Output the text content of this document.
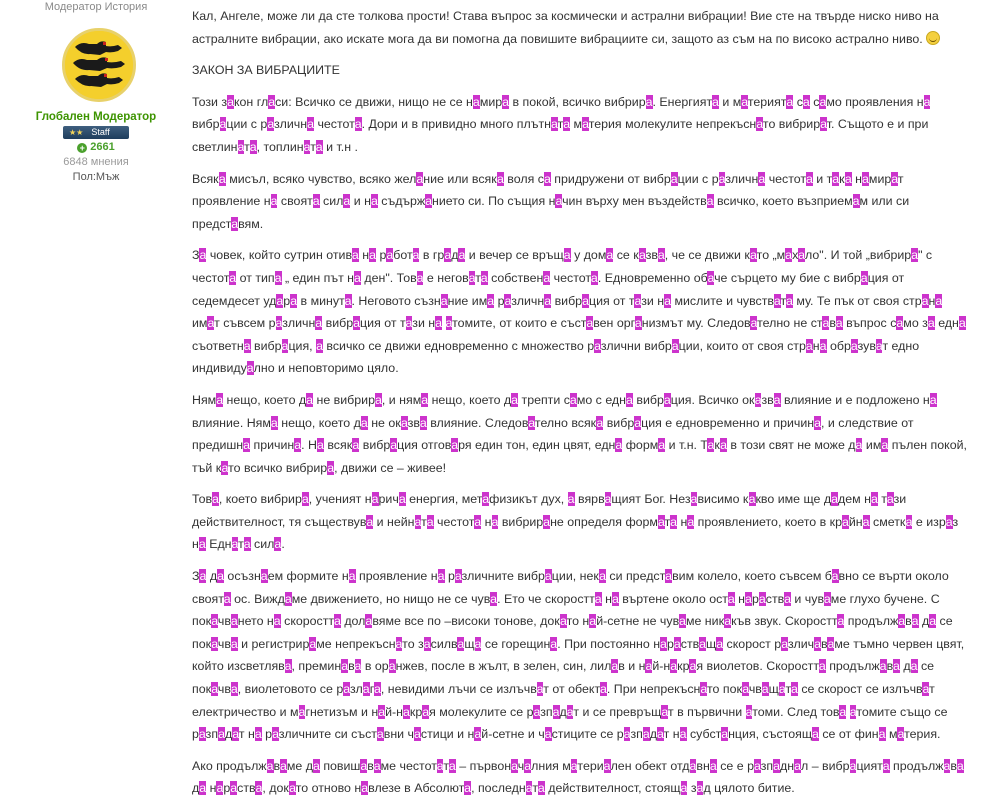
Модератор История
Глобален Модератор
★★ Staff
+ 2661
6848 мнения
Пол:Мъж

Кал, Ангеле, може ли да сте толкова прости! Става въпрос за космически и астрални вибрации! Вие сте на твърде ниско ниво на астралните вибрации, ако искате мога да ви помогна да повишите вибрациите си, защото аз съм на по високо астрално ниво.

ЗАКОН ЗА ВИБРАЦИИТЕ

Този закон гласи: Всичко се движи, нищо не се намира в покой, всичко вибрира. Енергията и материята са само проявления на вибрации с различна честота. Дори и в привидно много плътната материя молекулите непрекъснато вибрират. Същото е и при светлината, топлината и т.н .

Всяка мисъл, всяко чувство, всяко желание или всяка воля са придружени от вибрации с различна честота и така намират проявление на своята сила и на съдържанието си. По същия начин върху мен въздейства всичко, което възприемам или си представям.

За човек, който сутрин отива на работа в града и вечер се връща у дома се казва, че се движи като „махало". И той „вибрира" с честота от типа „ един път на ден". Това е неговата собствена честота. Едновременно обаче сърцето му бие с вибрация от седемдесет удара в минута. Неговото съзнание има различна вибрация от тази на мислите и чувствата му. Те пък от своя страна имат съвсем различна вибрация от тази на атомите, от които е съставен организмът му. Следователно не става въпрос само за една съответна вибрация, а всичко се движи едновременно с множество различни вибрации, които от своя страна образуват едно индивидуално и неповторимо цяло.

Няма нещо, което да не вибрира, и няма нещо, което да трепти само с една вибрация. Всичко оказва влияние и е подложено на влияние. Няма нещо, което да не оказва влияние. Следователно всяка вибрация е едновременно и причина, и следствие от предишна причина. На всяка вибрация отговаря един тон, един цвят, една форма и т.н. Така в този свят не може да има пълен покой, тъй като всичко вибрира, движи се – живее!

Това, което вибрира, ученият нарича енергия, метафизикът дух, а вярващият Бог. Независимо какво име ще дадем на тази действителност, тя съществува и нейната честота на вибриране определя формата на проявлението, което в крайна сметка е израз на Едната сила.

За да осъзнаем формите на проявление на различните вибрации, нека си представим колело, което съвсем бавно се върти около своята ос. Виждаме движението, но нищо не се чува. Ето че скоростта на въртене около оста нараства и чуваме глухо бучене. С покачването на скоростта долавяме все по –високи тонове, докато най-сетне не чуваме никакъв звук. Скоростта продължава да се покачва и регистрираме непрекъснато засилваща се горещина. При постоянно нарастваща скорост различаваме тъмно червен цвят, който изсветлява, преминава в оранжев, после в жълт, в зелен, син, лилав и най-накрая виолетов. Скоростта продължава да се покачва, виолетовото се разлага, невидими лъчи се излъчват от обекта. При непрекъснато покачващата се скорост се излъчват електричество и магнетизъм и най-накрая молекулите се разпадат и се превръщат в първични атоми. След това атомите също се разпадат на различните си съставни частици и най-сетне и частиците се разпадат на субстанция, състояща се от фина материя.

Ако продължаваме да повишаваме честотата – първоначалния материален обект отдавна се е разпаднал – вибрацията продължава да нараства, докато отново навлезе в Абсолюта, последната действителност, стояща зад цялото битие.
